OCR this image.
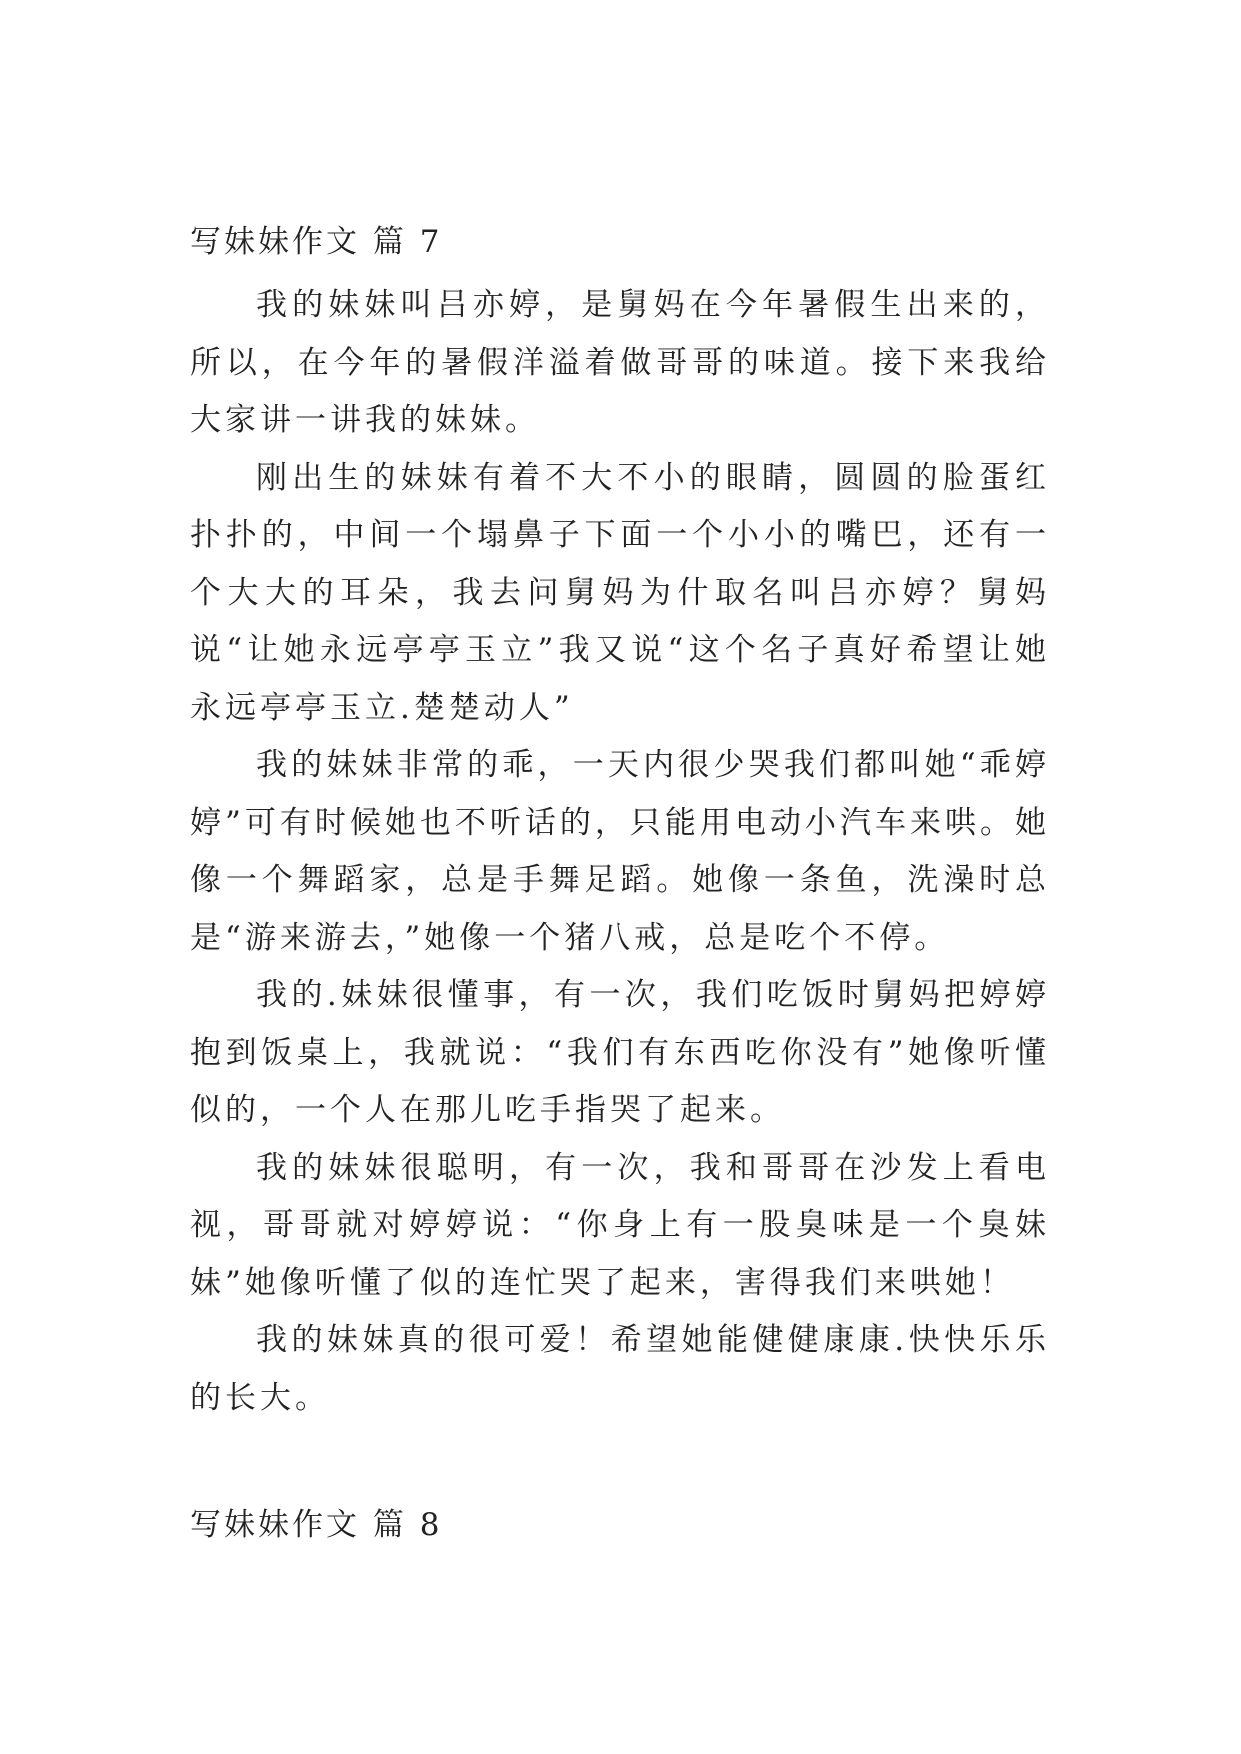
写妹妹作文 篇 7

我的妹妹叫吕亦婷，是舅妈在今年暑假生出来的，所以，在今年的暑假洋溢着做哥哥的味道。接下来我给大家讲一讲我的妹妹。

刚出生的妹妹有着不大不小的眼睛，圆圆的脸蛋红扑扑的，中间一个塌鼻子下面一个小小的嘴巴，还有一个大大的耳朵，我去问舅妈为什取名叫吕亦婷？舅妈说“让她永远亭亭玉立”我又说“这个名子真好希望让她永远亭亭玉立.楚楚动人”

我的妹妹非常的乖，一天内很少哭我们都叫她“乖婷婷”可有时候她也不听话的，只能用电动小汽车来哄。她像一个舞蹈家，总是手舞足蹈。她像一条鱼，洗澡时总是“游来游去，”她像一个猪八戒，总是吃个不停。

我的.妹妹很懂事，有一次，我们吃饭时舅妈把婷婷抱到饭桌上，我就说：“我们有东西吃你没有”她像听懂似的，一个人在那儿吃手指哭了起来。

我的妹妹很聪明，有一次，我和哥哥在沙发上看电视，哥哥就对婷婷说：“你身上有一股臭味是一个臭妹妹”她像听懂了似的连忙哭了起来，害得我们来哄她！

我的妹妹真的很可爱！希望她能健健康康.快快乐乐的长大。

写妹妹作文 篇 8
